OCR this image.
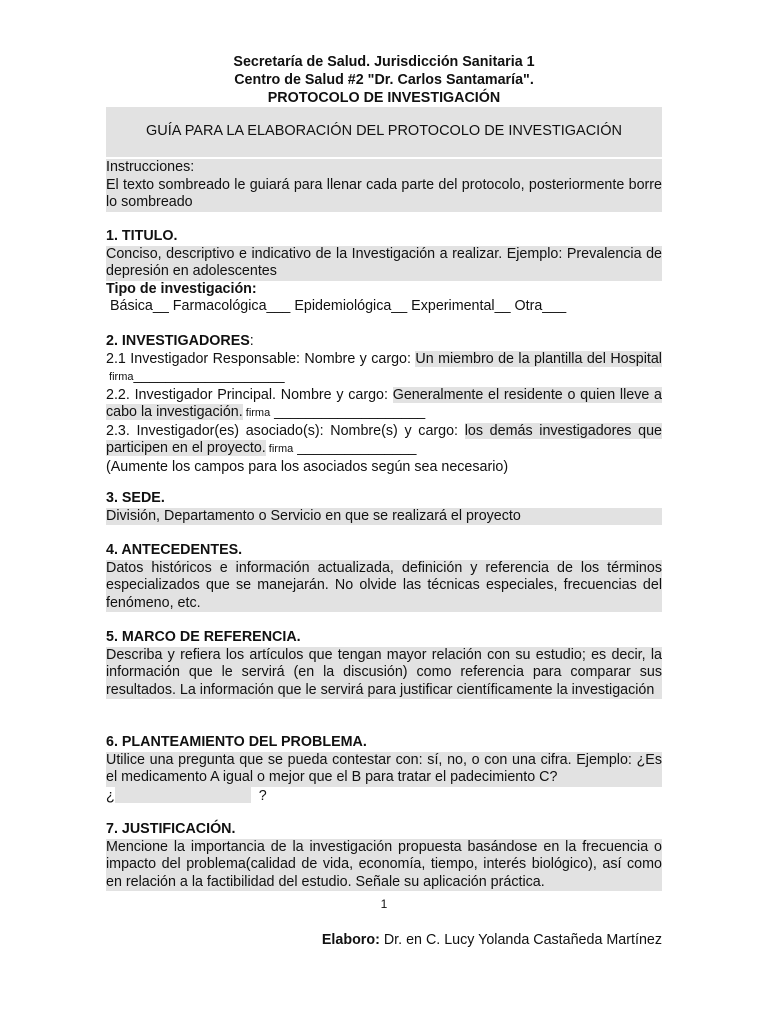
Secretaría de Salud. Jurisdicción Sanitaria 1
Centro de Salud #2 "Dr. Carlos Santamaría".
PROTOCOLO DE INVESTIGACIÓN
GUÍA PARA LA ELABORACIÓN DEL PROTOCOLO DE INVESTIGACIÓN
Instrucciones:
El texto sombreado le guiará para llenar cada parte del protocolo, posteriormente borre lo sombreado
1. TITULO.
Conciso, descriptivo e indicativo de la Investigación a realizar. Ejemplo: Prevalencia de depresión en adolescentes
Tipo de investigación:
Básica__ Farmacológica___ Epidemiológica__ Experimental__ Otra___
2. INVESTIGADORES:
2.1 Investigador Responsable: Nombre y cargo: Un miembro de la plantilla del Hospital firma___________________
2.2. Investigador Principal. Nombre y cargo: Generalmente el residente o quien lleve a cabo la investigación. firma ___________________
2.3. Investigador(es) asociado(s): Nombre(s) y cargo: los demás investigadores que participen en el proyecto. firma _______________
(Aumente los campos para los asociados según sea necesario)
3. SEDE.
División, Departamento o Servicio en que se realizará el proyecto
4. ANTECEDENTES.
Datos históricos e información actualizada, definición y referencia de los términos especializados que se manejarán. No olvide las técnicas especiales, frecuencias del fenómeno, etc.
5. MARCO DE REFERENCIA.
Describa y refiera los artículos que tengan mayor relación con su estudio; es decir, la información que le servirá (en la discusión) como referencia para comparar sus resultados. La información que le servirá para justificar científicamente la investigación
6. PLANTEAMIENTO DEL PROBLEMA.
Utilice una pregunta que se pueda contestar con: sí, no, o con una cifra. Ejemplo: ¿Es el medicamento A igual o mejor que el B para tratar el padecimiento C?
¿	?
7. JUSTIFICACIÓN.
Mencione la importancia de la investigación propuesta basándose en la frecuencia o impacto del problema(calidad de vida, economía, tiempo, interés biológico), así como en relación a la factibilidad del estudio. Señale su aplicación práctica.
1
Elaboro: Dr. en C. Lucy Yolanda Castañeda Martínez
